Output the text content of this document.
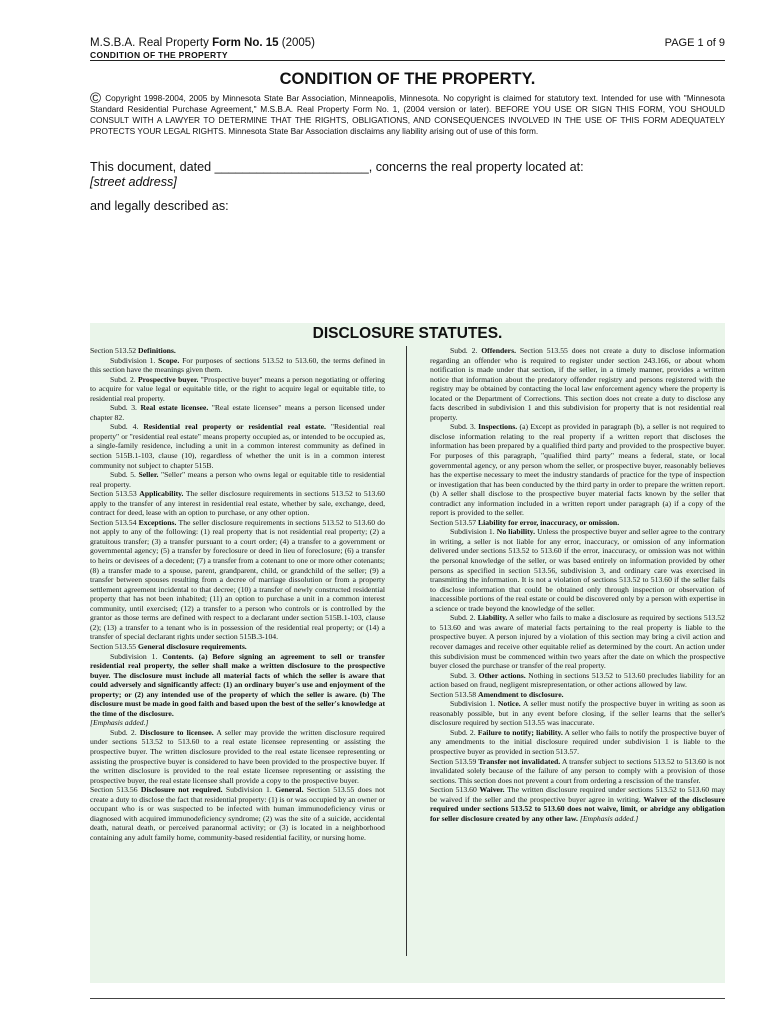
M.S.B.A. Real Property Form No. 15 (2005)
CONDITION OF THE PROPERTY
PAGE 1 of 9
CONDITION OF THE PROPERTY.
© Copyright 1998-2004, 2005 by Minnesota State Bar Association, Minneapolis, Minnesota. No copyright is claimed for statutory text. Intended for use with "Minnesota Standard Residential Purchase Agreement," M.S.B.A. Real Property Form No. 1, (2004 version or later). BEFORE YOU USE OR SIGN THIS FORM, YOU SHOULD CONSULT WITH A LAWYER TO DETERMINE THAT THE RIGHTS, OBLIGATIONS, AND CONSEQUENCES INVOLVED IN THE USE OF THIS FORM ADEQUATELY PROTECTS YOUR LEGAL RIGHTS. Minnesota State Bar Association disclaims any liability arising out of use of this form.
This document, dated ______________________, concerns the real property located at:
[street address]
and legally described as:
DISCLOSURE STATUTES.

Section 513.52 Definitions.

Subdivision 1. Scope. For purposes of sections 513.52 to 513.60, the terms defined in this section have the meanings given them.

Subd. 2. Prospective buyer. "Prospective buyer" means a person negotiating or offering to acquire for value legal or equitable title, or the right to acquire legal or equitable title, to residential real property.

Subd. 3. Real estate licensee. "Real estate licensee" means a person licensed under chapter 82.

Subd. 4. Residential real property or residential real estate. "Residential real property" or "residential real estate" means property occupied as, or intended to be occupied as, a single-family residence, including a unit in a common interest community as defined in section 515B.1-103, clause (10), regardless of whether the unit is in a common interest community not subject to chapter 515B.

Subd. 5. Seller. "Seller" means a person who owns legal or equitable title to residential real property.

Section 513.53 Applicability. The seller disclosure requirements in sections 513.52 to 513.60 apply to the transfer of any interest in residential real estate, whether by sale, exchange, deed, contract for deed, lease with an option to purchase, or any other option.

Section 513.54 Exceptions. The seller disclosure requirements in sections 513.52 to 513.60 do not apply to any of the following: (1) real property that is not residential real property; (2) a gratuitous transfer; (3) a transfer pursuant to a court order; (4) a transfer to a government or governmental agency; (5) a transfer by foreclosure or deed in lieu of foreclosure; (6) a transfer to heirs or devisees of a decedent; (7) a transfer from a cotenant to one or more other cotenants; (8) a transfer made to a spouse, parent, grandparent, child, or grandchild of the seller; (9) a transfer between spouses resulting from a decree of marriage dissolution or from a property settlement agreement incidental to that decree; (10) a transfer of newly constructed residential property that has not been inhabited; (11) an option to purchase a unit in a common interest community, until exercised; (12) a transfer to a person who controls or is controlled by the grantor as those terms are defined with respect to a declarant under section 515B.1-103, clause (2); (13) a transfer to a tenant who is in possession of the residential real property; or (14) a transfer of special declarant rights under section 515B.3-104.

Section 513.55 General disclosure requirements.

Subdivision 1. Contents. (a) Before signing an agreement to sell or transfer residential real property, the seller shall make a written disclosure to the prospective buyer. The disclosure must include all material facts of which the seller is aware that could adversely and significantly affect: (1) an ordinary buyer's use and enjoyment of the property; or (2) any intended use of the property of which the seller is aware. (b) The disclosure must be made in good faith and based upon the best of the seller's knowledge at the time of the disclosure.

[Emphasis added.]

Subd. 2. Disclosure to licensee. A seller may provide the written disclosure required under sections 513.52 to 513.60 to a real estate licensee representing or assisting the prospective buyer. The written disclosure provided to the real estate licensee representing or assisting the prospective buyer is considered to have been provided to the prospective buyer. If the written disclosure is provided to the real estate licensee representing or assisting the prospective buyer, the real estate licensee shall provide a copy to the prospective buyer.

Section 513.56 Disclosure not required. Subdivision 1. General. Section 513.55 does not create a duty to disclose the fact that residential property: (1) is or was occupied by an owner or occupant who is or was suspected to be infected with human immunodeficiency virus or diagnosed with acquired immunodeficiency syndrome; (2) was the site of a suicide, accidental death, natural death, or perceived paranormal activity; or (3) is located in a neighborhood containing any adult family home, community-based residential facility, or nursing home.

Subd. 2. Offenders. Section 513.55 does not create a duty to disclose information regarding an offender who is required to register under section 243.166, or about whom notification is made under that section, if the seller, in a timely manner, provides a written notice that information about the predatory offender registry and persons registered with the registry may be obtained by contacting the local law enforcement agency where the property is located or the Department of Corrections. This section does not create a duty to disclose any facts described in subdivision 1 and this subdivision for property that is not residential real property.

Subd. 3. Inspections. (a) Except as provided in paragraph (b), a seller is not required to disclose information relating to the real property if a written report that discloses the information has been prepared by a qualified third party and provided to the prospective buyer. For purposes of this paragraph, "qualified third party" means a federal, state, or local governmental agency, or any person whom the seller, or prospective buyer, reasonably believes has the expertise necessary to meet the industry standards of practice for the type of inspection or investigation that has been conducted by the third party in order to prepare the written report. (b) A seller shall disclose to the prospective buyer material facts known by the seller that contradict any information included in a written report under paragraph (a) if a copy of the report is provided to the seller.

Section 513.57 Liability for error, inaccuracy, or omission.

Subdivision 1. No liability. Unless the prospective buyer and seller agree to the contrary in writing, a seller is not liable for any error, inaccuracy, or omission of any information delivered under sections 513.52 to 513.60 if the error, inaccuracy, or omission was not within the personal knowledge of the seller, or was based entirely on information provided by other persons as specified in section 513.56, subdivision 3, and ordinary care was exercised in transmitting the information. It is not a violation of sections 513.52 to 513.60 if the seller fails to disclose information that could be obtained only through inspection or observation of inaccessible portions of the real estate or could be discovered only by a person with expertise in a science or trade beyond the knowledge of the seller.

Subd. 2. Liability. A seller who fails to make a disclosure as required by sections 513.52 to 513.60 and was aware of material facts pertaining to the real property is liable to the prospective buyer. A person injured by a violation of this section may bring a civil action and recover damages and receive other equitable relief as determined by the court. An action under this subdivision must be commenced within two years after the date on which the prospective buyer closed the purchase or transfer of the real property.

Subd. 3. Other actions. Nothing in sections 513.52 to 513.60 precludes liability for an action based on fraud, negligent misrepresentation, or other actions allowed by law.

Section 513.58 Amendment to disclosure.

Subdivision 1. Notice. A seller must notify the prospective buyer in writing as soon as reasonably possible, but in any event before closing, if the seller learns that the seller's disclosure required by section 513.55 was inaccurate.

Subd. 2. Failure to notify; liability. A seller who fails to notify the prospective buyer of any amendments to the initial disclosure required under subdivision 1 is liable to the prospective buyer as provided in section 513.57.

Section 513.59 Transfer not invalidated. A transfer subject to sections 513.52 to 513.60 is not invalidated solely because of the failure of any person to comply with a provision of those sections. This section does not prevent a court from ordering a rescission of the transfer.

Section 513.60 Waiver. The written disclosure required under sections 513.52 to 513.60 may be waived if the seller and the prospective buyer agree in writing. Waiver of the disclosure required under sections 513.52 to 513.60 does not waive, limit, or abridge any obligation for seller disclosure created by any other law. [Emphasis added.]
